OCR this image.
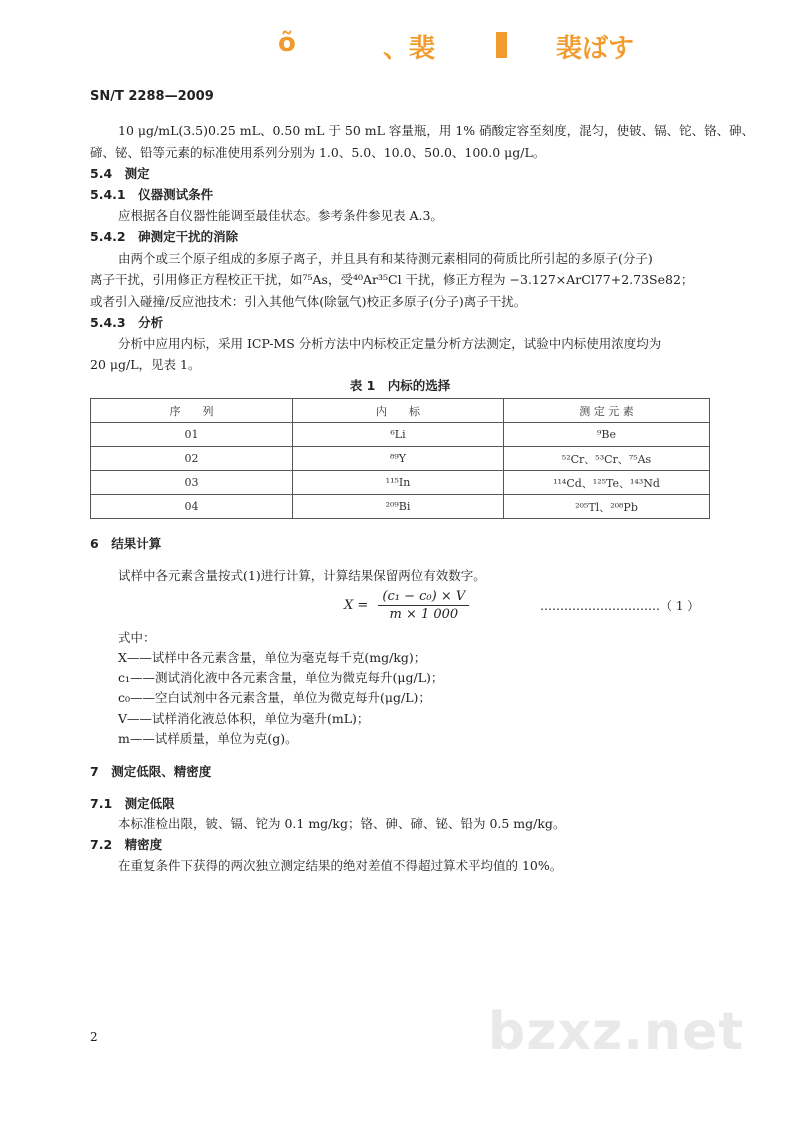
õ	、裴	裴ばす
SN/T 2288—2009
10 μg/mL(3.5)0.25 mL、0.50 mL 于 50 mL 容量瓶，用 1% 硝酸定容至刻度，混匀，使铍、镉、铊、铬、砷、
碲、铋、铅等元素的标准使用系列分别为 1.0、5.0、10.0、50.0、100.0 μg/L。
5.4　测定
5.4.1　仪器测试条件
应根据各自仪器性能调至最佳状态。参考条件参见表 A.3。
5.4.2　砷测定干扰的消除
由两个或三个原子组成的多原子离子，并且具有和某待测元素相同的荷质比所引起的多原子(分子)
离子干扰，引用修正方程校正干扰，如⁷⁵As，受⁴⁰Ar³⁵Cl 干扰，修正方程为 −3.127×ArCl77+2.73Se82；
或者引入碰撞/反应池技术：引入其他气体(除氩气)校正多原子(分子)离子干扰。
5.4.3　分析
分析中应用内标，采用 ICP-MS 分析方法中内标校正定量分析方法测定，试验中内标使用浓度均为
20 μg/L，见表 1。
表 1　内标的选择
序　　列	内　　标	测 定 元 素
01	⁶Li	⁹Be
02	⁸⁹Y	⁵²Cr、⁵³Cr、⁷⁵As
03	¹¹⁵In	¹¹⁴Cd、¹²⁵Te、¹⁴³Nd
04	²⁰⁹Bi	²⁰⁵Tl、²⁰⁸Pb
6　结果计算
试样中各元素含量按式(1)进行计算，计算结果保留两位有效数字。
$X = \frac{\text{(c₁ − c₀) × V}}{m \times 1 000}$	…………………………（ 1 ）
式中：
X——试样中各元素含量，单位为毫克每千克(mg/kg)；
c₁——测试消化液中各元素含量，单位为微克每升(μg/L)；
c₀——空白试剂中各元素含量，单位为微克每升(μg/L)；
V——试样消化液总体积，单位为毫升(mL)；
m——试样质量，单位为克(g)。
7　测定低限、精密度
7.1　测定低限
本标准检出限，铍、镉、铊为 0.1 mg/kg；铬、砷、碲、铋、铅为 0.5 mg/kg。
7.2　精密度
在重复条件下获得的两次独立测定结果的绝对差值不得超过算术平均值的 10%。
2	bzxz.net
